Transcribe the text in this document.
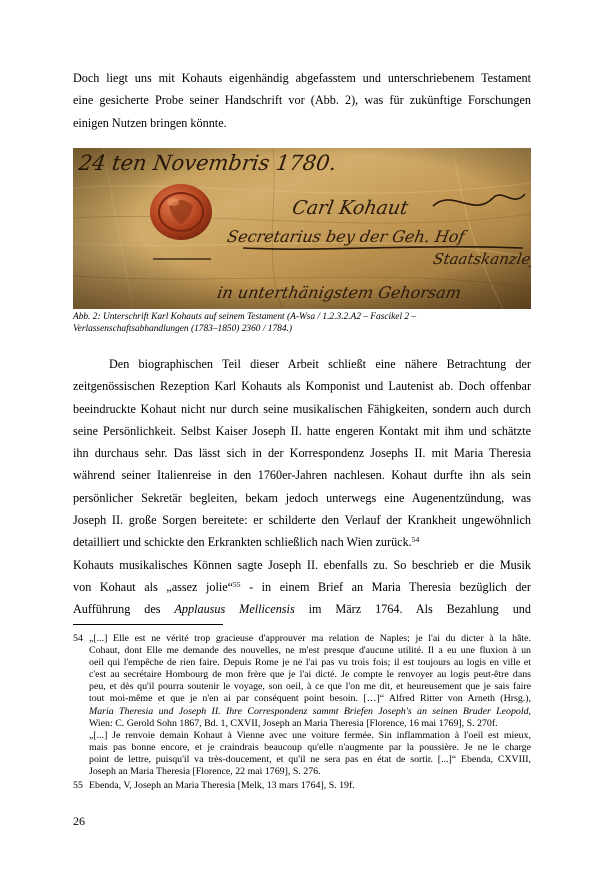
Doch liegt uns mit Kohauts eigenhändig abgefasstem und unterschriebenem Testament
eine gesicherte Probe seiner Handschrift vor (Abb. 2), was für zukünftige Forschungen
einigen Nutzen bringen könnte.

Abb. 2: Unterschrift Karl Kohauts auf seinem Testament (A-Wsa / 1.2.3.2.A2 – Fascikel 2 –
Verlassenschaftsabhandlungen (1783–1850) 2360 / 1784.)
Den biographischen Teil dieser Arbeit schließt eine nähere Betrachtung der
zeitgenössischen Rezeption Karl Kohauts als Komponist und Lautenist ab. Doch offenbar
beeindruckte Kohaut nicht nur durch seine musikalischen Fähigkeiten, sondern auch durch
seine Persönlichkeit. Selbst Kaiser Joseph II. hatte engeren Kontakt mit ihm und schätzte
ihn durchaus sehr. Das lässt sich in der Korrespondenz Josephs II. mit Maria Theresia
während seiner Italienreise in den 1760er-Jahren nachlesen. Kohaut durfte ihn als sein
persönlicher Sekretär begleiten, bekam jedoch unterwegs eine Augenentzündung, was
Joseph II. große Sorgen bereitete: er schilderte den Verlauf der Krankheit ungewöhnlich
detailliert und schickte den Erkrankten schließlich nach Wien zurück.$^{54}$
Kohauts musikalisches Können sagte Joseph II. ebenfalls zu. So beschrieb er die Musik
von Kohaut als „assez jolie“$^{55}$ - in einem Brief an Maria Theresia bezüglich der
Aufführung des Applausus Mellicensis im März 1764. Als Bezahlung und
54 „[...] Elle est ne vérité trop gracieuse d'approuver ma relation de Naples; je l'ai du dicter à la hâte.
Cohaut, dont Elle me demande des nouvelles, ne m'est presque d'aucune utilité. Il a eu une fluxion à un
oeil qui l'empêche de rien faire. Depuis Rome je ne l'ai pas vu trois fois; il est toujours au logis en ville et
c'est au secrétaire Hombourg de mon frère que je l'ai dicté. Je compte le renvoyer au logis peut-être dans
peu, et dès qu'il pourra soutenir le voyage, son oeil, à ce que l'on me dit, et heureusement que je sais faire
tout moi-même et que je n'en ai par conséquent point besoin. […]“ Alfred Ritter von Arneth (Hrsg.),
Maria Theresia und Joseph II. Ihre Correspondenz sammt Briefen Joseph's an seinen Bruder Leopold,
Wien: C. Gerold Sohn 1867, Bd. 1, CXVII, Joseph an Maria Theresia [Florence, 16 mai 1769], S. 270f.
„[...] Je renvoie demain Kohaut à Vienne avec une voiture fermée. Sin inflammation à l'oeil est mieux,
mais pas bonne encore, et je craindrais beaucoup qu'elle n'augmente par la poussière. Je ne le charge
point de lettre, puisqu'il va très-doucement, et qu'il ne sera pas en état de sortir. [...]“ Ebenda, CXVIII,
Joseph an Maria Theresia [Florence, 22 mai 1769], S. 276.
55 Ebenda, V, Joseph an Maria Theresia [Melk, 13 mars 1764], S. 19f.
26
